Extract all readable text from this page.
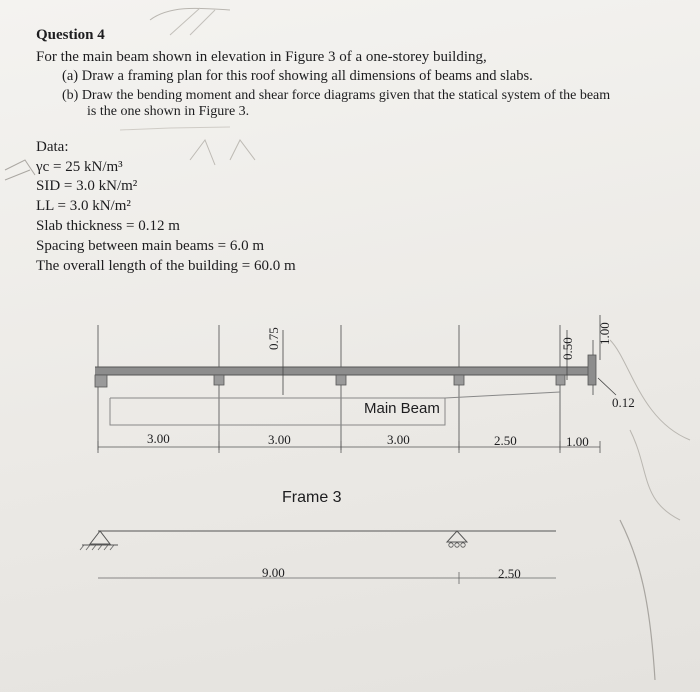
Question 4
For the main beam shown in elevation in Figure 3 of a one-storey building,
(a) Draw a framing plan for this roof showing all dimensions of beams and slabs.
(b) Draw the bending moment and shear force diagrams given that the statical system of the beam
is the one shown in Figure 3.
Data:
γc = 25 kN/m³
SID = 3.0 kN/m²
LL = 3.0 kN/m²
Slab thickness = 0.12 m
Spacing between main beams = 6.0 m
The overall length of the building = 60.0 m
0.75	0.50
1.00
0.12
Main Beam
Frame 3
3.00	3.00	3.00	2.50	1.00
9.00	2.50
